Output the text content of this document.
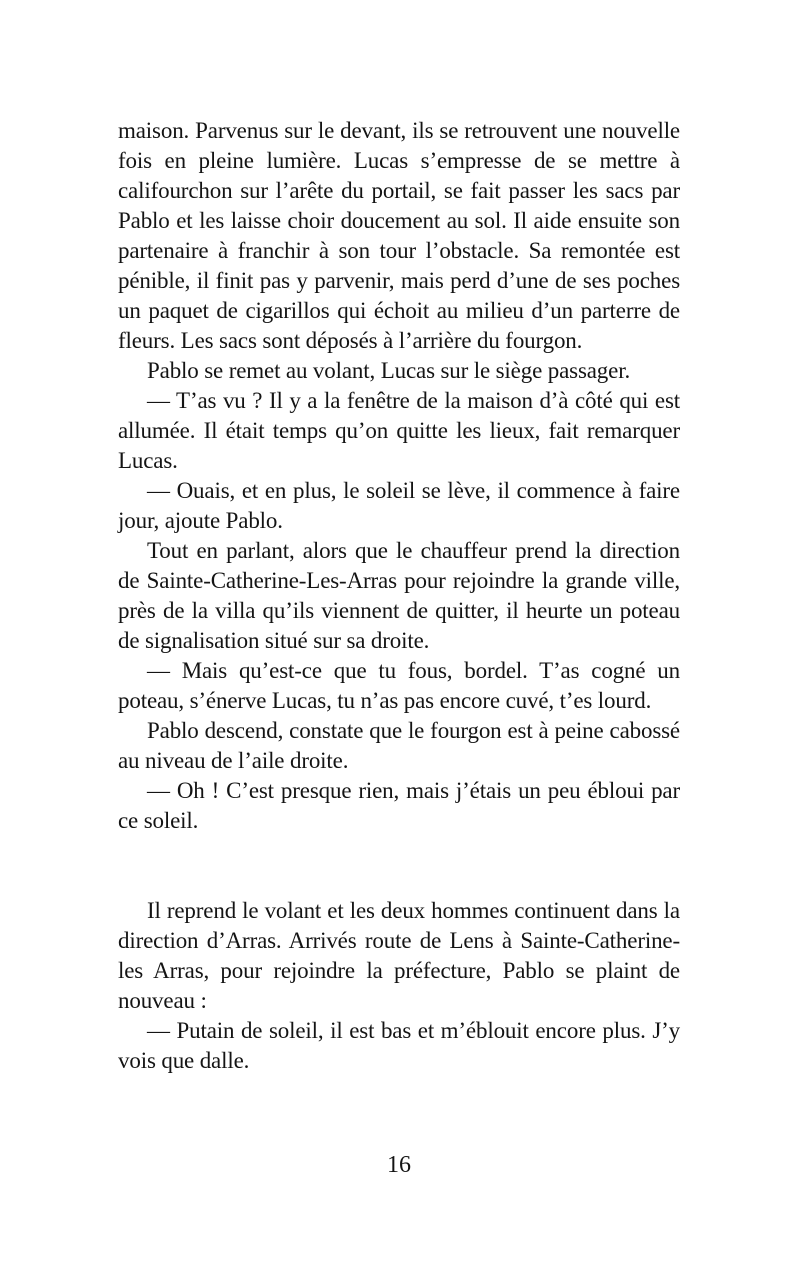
maison. Parvenus sur le devant, ils se retrouvent une nouvelle fois en pleine lumière. Lucas s’empresse de se mettre à califourchon sur l’arête du portail, se fait passer les sacs par Pablo et les laisse choir doucement au sol. Il aide ensuite son partenaire à franchir à son tour l’obstacle. Sa remontée est pénible, il finit pas y parvenir, mais perd d’une de ses poches un paquet de cigarillos qui échoit au milieu d’un parterre de fleurs. Les sacs sont déposés à l’arrière du fourgon.

Pablo se remet au volant, Lucas sur le siège passager.

— T’as vu ? Il y a la fenêtre de la maison d’à côté qui est allumée. Il était temps qu’on quitte les lieux, fait remarquer Lucas.

— Ouais, et en plus, le soleil se lève, il commence à faire jour, ajoute Pablo.

Tout en parlant, alors que le chauffeur prend la direction de Sainte-Catherine-Les-Arras pour rejoindre la grande ville, près de la villa qu’ils viennent de quitter, il heurte un poteau de signalisation situé sur sa droite.

— Mais qu’est-ce que tu fous, bordel. T’as cogné un poteau, s’énerve Lucas, tu n’as pas encore cuvé, t’es lourd.

Pablo descend, constate que le fourgon est à peine cabossé au niveau de l’aile droite.

— Oh ! C’est presque rien, mais j’étais un peu ébloui par ce soleil.

Il reprend le volant et les deux hommes continuent dans la direction d’Arras. Arrivés route de Lens à Sainte-Catherine-les Arras, pour rejoindre la préfecture, Pablo se plaint de nouveau :

— Putain de soleil, il est bas et m’éblouit encore plus. J’y vois que dalle.

16
